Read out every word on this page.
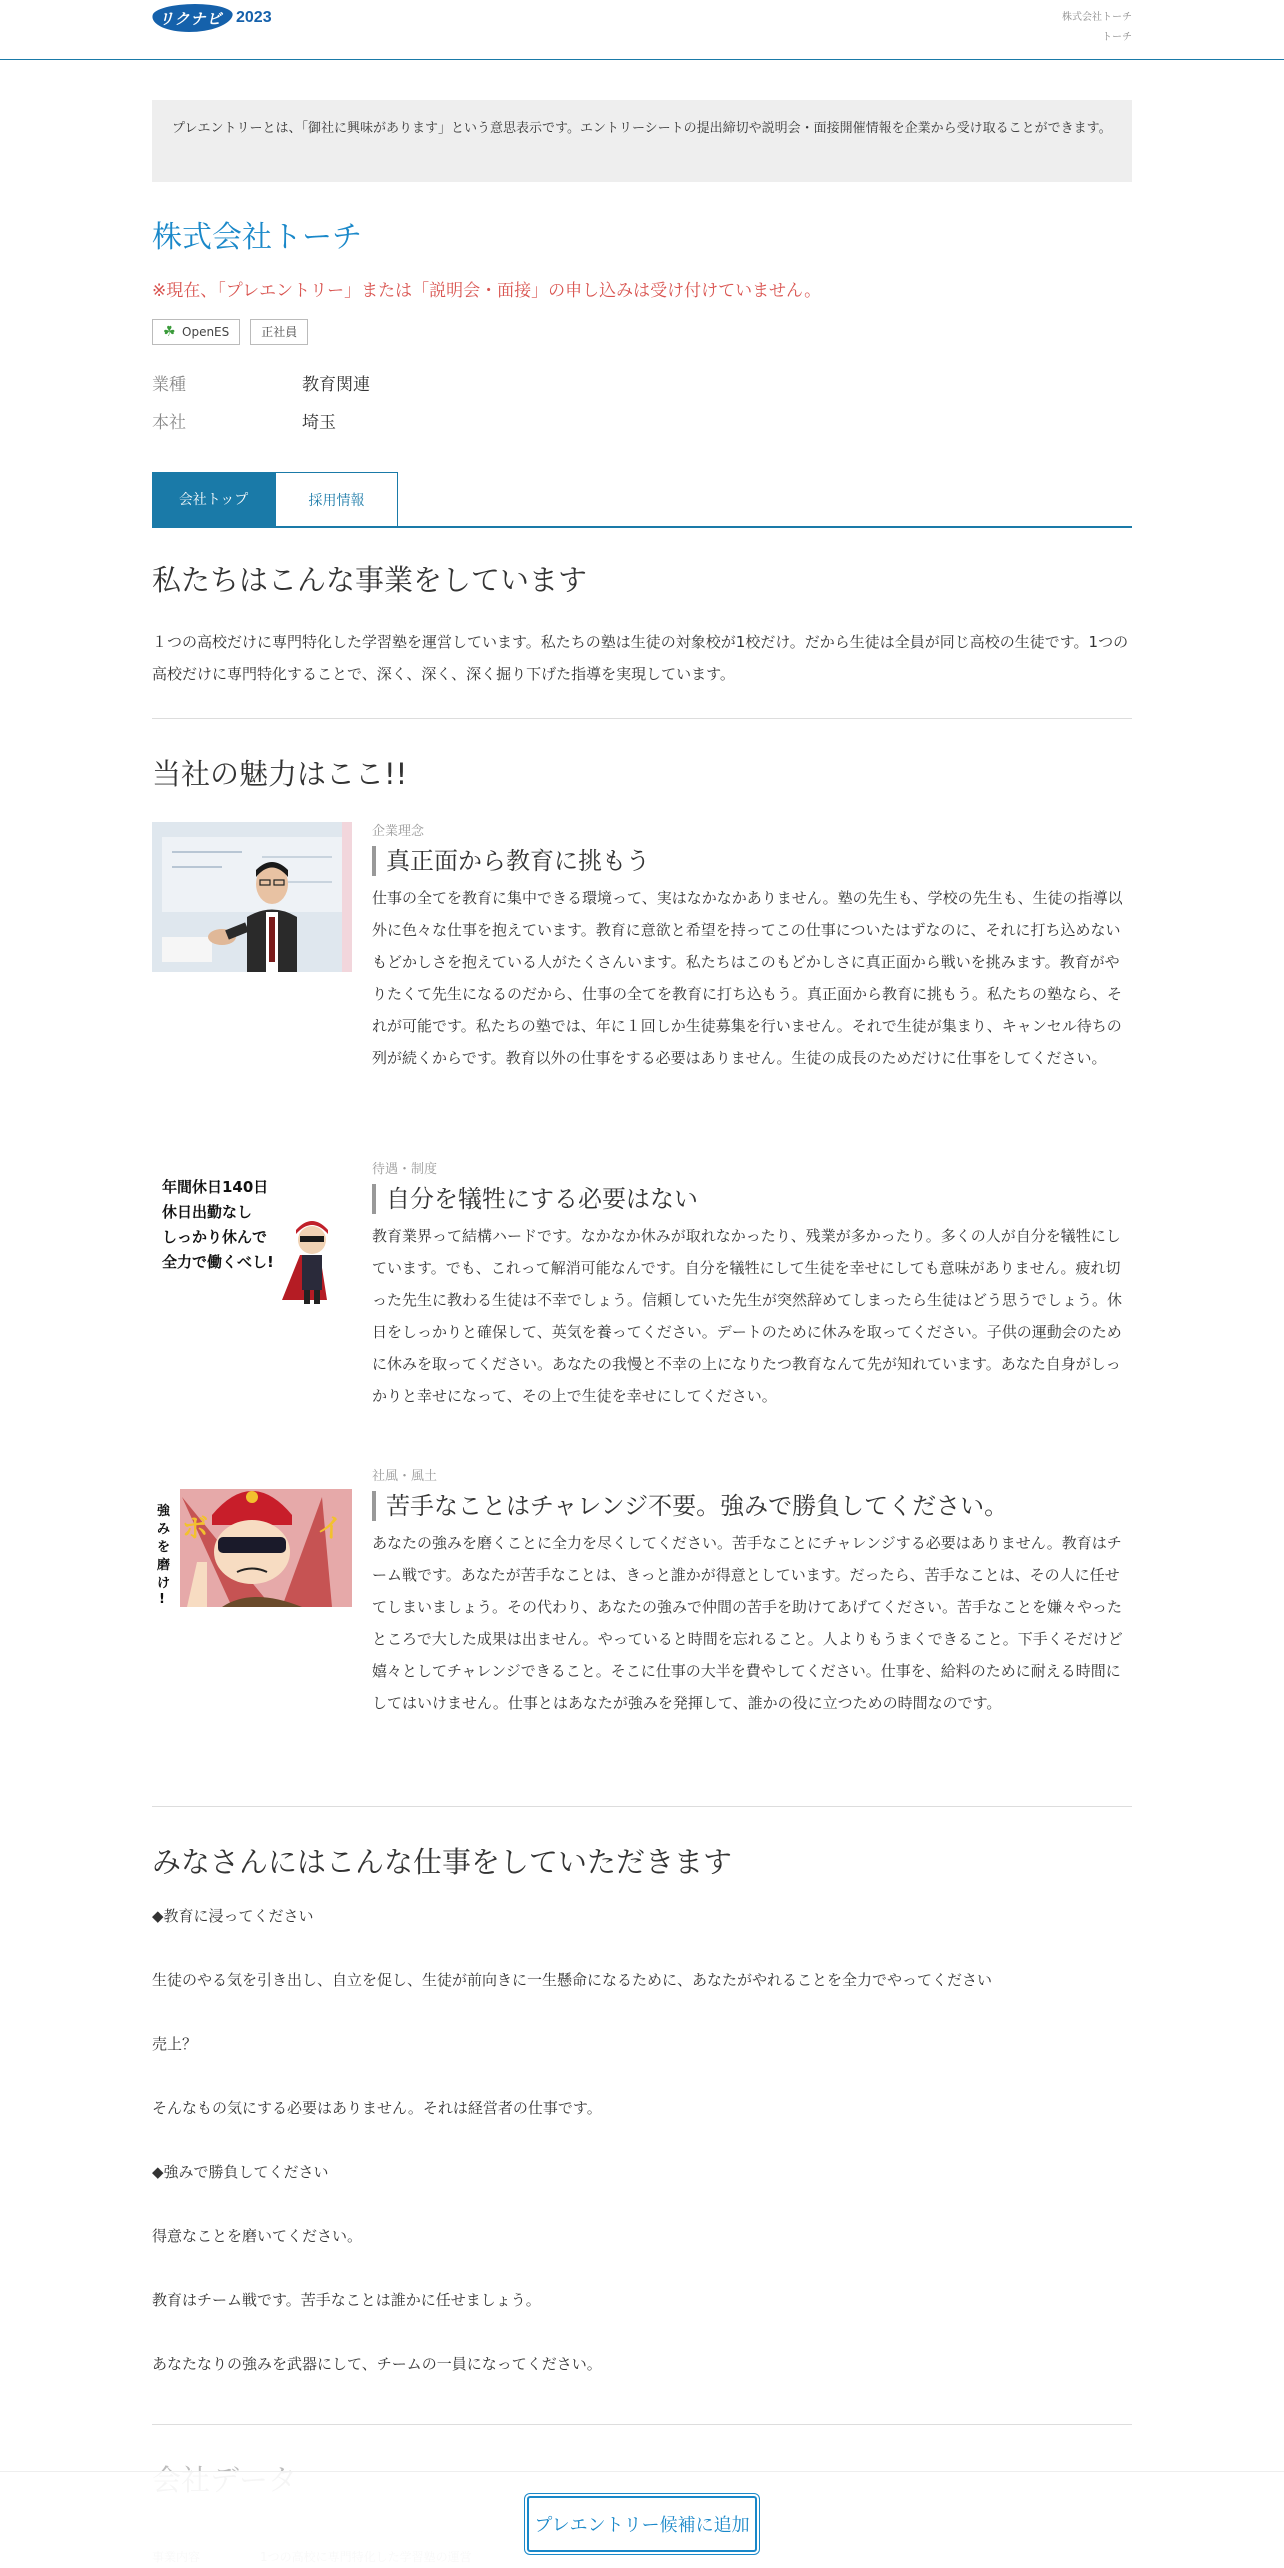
リクナビ 2023	株式会社トーチ
トーチ
プレエントリーとは、「御社に興味があります」という意思表示です。エントリーシートの提出締切や説明会・面接開催情報を企業から受け取ることができます。
株式会社トーチ
※現在、「プレエントリー」または「説明会・面接」の申し込みは受け付けていません。
☘ OpenES	正社員
業種	教育関連
本社	埼玉
会社トップ	採用情報
私たちはこんな事業をしています

１つの高校だけに専門特化した学習塾を運営しています。私たちの塾は生徒の対象校が1校だけ。だから生徒は全員が同じ高校の生徒です。1つの高校だけに専門特化することで、深く、深く、深く掘り下げた指導を実現しています。

当社の魅力はここ!!
企業理念
真正面から教育に挑もう

仕事の全てを教育に集中できる環境って、実はなかなかありません。塾の先生も、学校の先生も、生徒の指導以外に色々な仕事を抱えています。教育に意欲と希望を持ってこの仕事についたはずなのに、それに打ち込めないもどかしさを抱えている人がたくさんいます。私たちはこのもどかしさに真正面から戦いを挑みます。教育がやりたくて先生になるのだから、仕事の全てを教育に打ち込もう。真正面から教育に挑もう。私たちの塾なら、それが可能です。私たちの塾では、年に１回しか生徒募集を行いません。それで生徒が集まり、キャンセル待ちの列が続くからです。教育以外の仕事をする必要はありません。生徒の成長のためだけに仕事をしてください。

年間休日140日
休日出勤なし
しっかり休んで
全力で働くべし!
待遇・制度
自分を犠牲にする必要はない

教育業界って結構ハードです。なかなか休みが取れなかったり、残業が多かったり。多くの人が自分を犠牲にしています。でも、これって解消可能なんです。自分を犠牲にして生徒を幸せにしても意味がありません。疲れ切った先生に教わる生徒は不幸でしょう。信頼していた先生が突然辞めてしまったら生徒はどう思うでしょう。休日をしっかりと確保して、英気を養ってください。デートのために休みを取ってください。子供の運動会のために休みを取ってください。あなたの我慢と不幸の上になりたつ教育なんて先が知れています。あなた自身がしっかりと幸せになって、その上で生徒を幸せにしてください。

強
み
を
磨
け
!
ボ	イ
社風・風土
苦手なことはチャレンジ不要。強みで勝負してください。

あなたの強みを磨くことに全力を尽くしてください。苦手なことにチャレンジする必要はありません。教育はチーム戦です。あなたが苦手なことは、きっと誰かが得意としています。だったら、苦手なことは、その人に任せてしまいましょう。その代わり、あなたの強みで仲間の苦手を助けてあげてください。苦手なことを嫌々やったところで大した成果は出ません。やっていると時間を忘れること。人よりもうまくできること。下手くそだけど嬉々としてチャレンジできること。そこに仕事の大半を費やしてください。仕事を、給料のために耐える時間にしてはいけません。仕事とはあなたが強みを発揮して、誰かの役に立つための時間なのです。

みなさんにはこんな仕事をしていただきます

◆教育に浸ってください

生徒のやる気を引き出し、自立を促し、生徒が前向きに一生懸命になるために、あなたがやれることを全力でやってください

売上？

そんなもの気にする必要はありません。それは経営者の仕事です。

◆強みで勝負してください

得意なことを磨いてください。

教育はチーム戦です。苦手なことは誰かに任せましょう。

あなたなりの強みを武器にして、チームの一員になってください。

プレエントリー候補に追加
